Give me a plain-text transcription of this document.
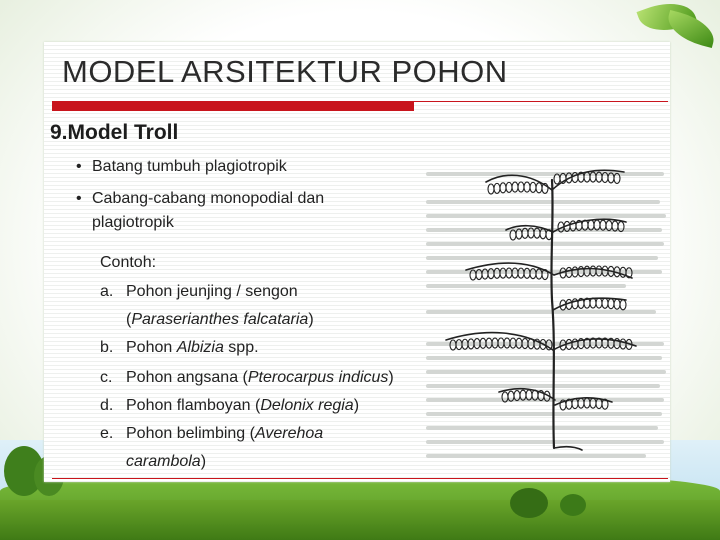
MODEL ARSITEKTUR POHON
9.Model Troll
• Batang tumbuh plagiotropik
• Cabang-cabang monopodial dan
plagiotropik
Contoh:
a. Pohon jeunjing / sengon
(Paraserianthes falcataria)
b. Pohon Albizia spp.
c. Pohon angsana (Pterocarpus indicus)
d. Pohon flamboyan (Delonix regia)
e. Pohon belimbing (Averehoa
carambola)
